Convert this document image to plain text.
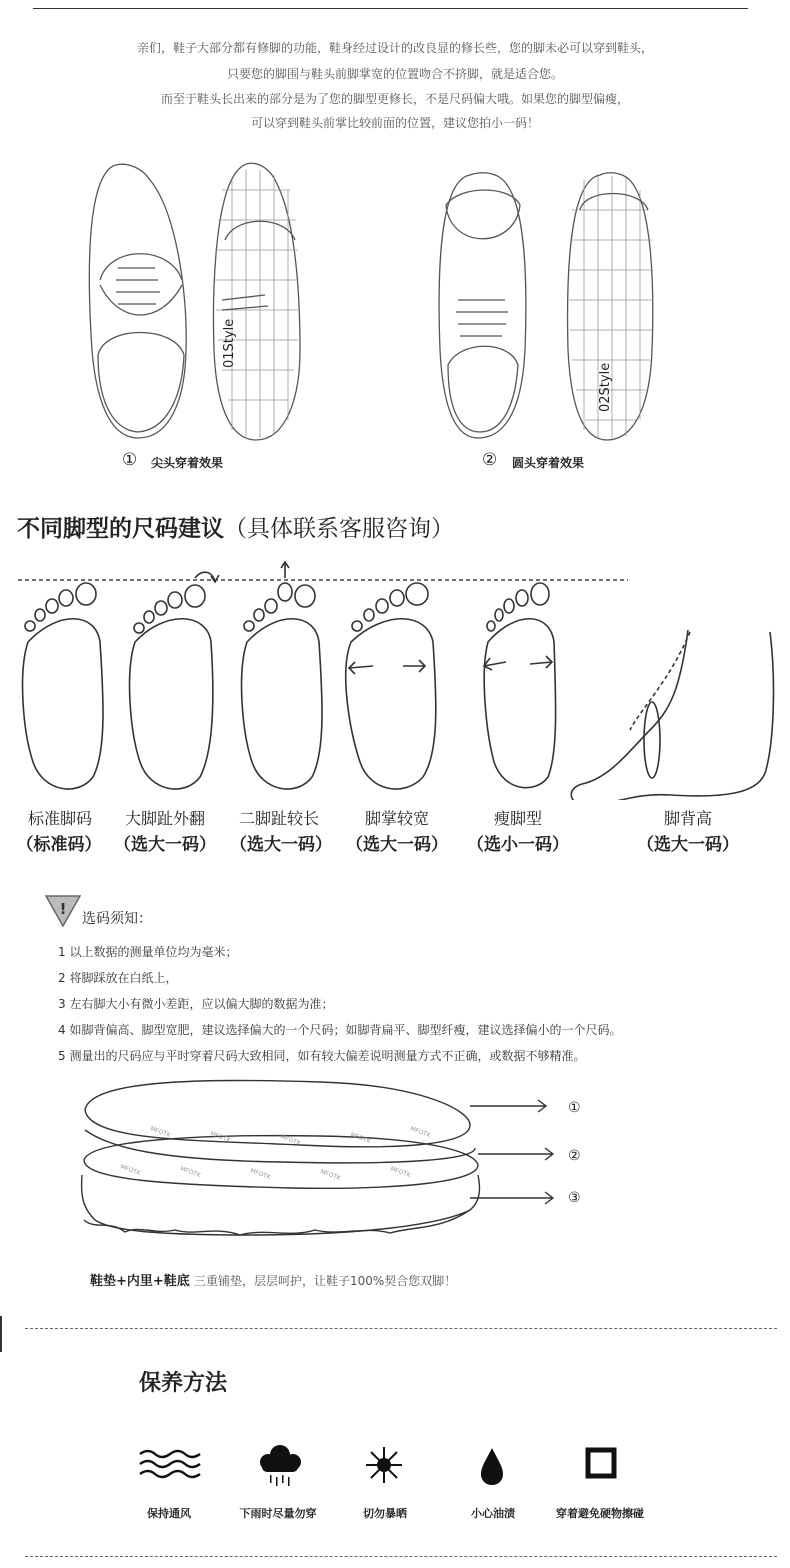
亲们，鞋子大部分都有修脚的功能，鞋身经过设计的改良显的修长些，您的脚未必可以穿到鞋头，
只要您的脚围与鞋头前脚掌宽的位置吻合不挤脚，就是适合您。
而至于鞋头长出来的部分是为了您的脚型更修长，不是尺码偏大哦。如果您的脚型偏瘦，
可以穿到鞋头前掌比较前面的位置，建议您拍小一码！
01Style
02Style
① 尖头穿着效果	② 圆头穿着效果
不同脚型的尺码建议（具体联系客服咨询）
标准脚码	大脚趾外翻	二脚趾较长	脚掌较宽	瘦脚型	脚背高
（标准码） （选大一码） （选大一码） （选大一码）	（选小一码）	（选大一码）
!
选码须知：
1 以上数据的测量单位均为毫米；
2 将脚踩放在白纸上，
3 左右脚大小有微小差距，应以偏大脚的数据为准；
4 如脚背偏高、脚型宽肥，建议选择偏大的一个尺码；如脚背扁平、脚型纤瘦，建议选择偏小的一个尺码。
5 测量出的尺码应与平时穿着尺码大致相同，如有较大偏差说明测量方式不正确，或数据不够精准。
MFOTK	MFOTK	MFOTK	MFOTK	MFOTK
MFOTK	MFOTK	MFOTK	MFOTK	MFOTK
①
②
③
鞋垫+内里+鞋底 三重铺垫，层层呵护，让鞋子100%契合您双脚！
保养方法
保持通风	下雨时尽量勿穿	切勿暴晒	小心油渍	穿着避免硬物擦碰
